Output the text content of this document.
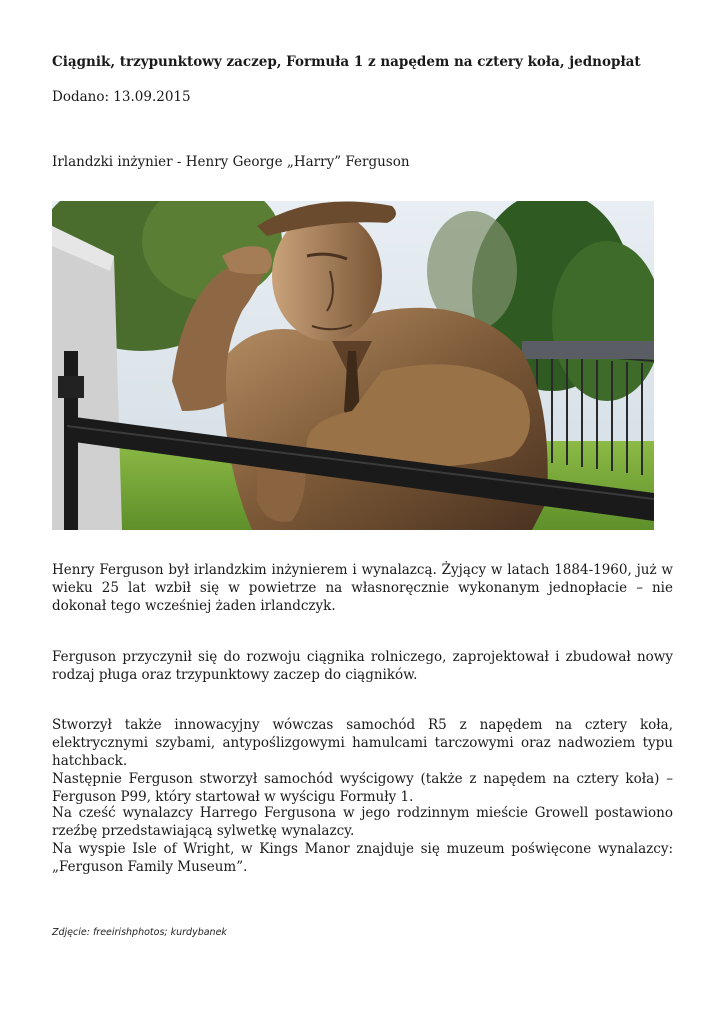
Ciągnik, trzypunktowy zaczep, Formuła 1 z napędem na cztery koła, jednopłat
Dodano: 13.09.2015
Irlandzki inżynier - Henry George „Harry” Ferguson
Henry Ferguson był irlandzkim inżynierem i wynalazcą. Żyjący w latach 1884-1960, już w wieku 25 lat wzbił się w powietrze na własnoręcznie wykonanym jednopłacie – nie dokonał tego wcześniej żaden irlandczyk.
Ferguson przyczynił się do rozwoju ciągnika rolniczego, zaprojektował i zbudował nowy rodzaj pługa oraz trzypunktowy zaczep do ciągników.
Stworzył także innowacyjny wówczas samochód R5 z napędem na cztery koła, elektrycznymi szybami, antypoślizgowymi hamulcami tarczowymi oraz nadwoziem typu hatchback.
Następnie Ferguson stworzył samochód wyścigowy (także z napędem na cztery koła) – Ferguson P99, który startował w wyścigu Formuły 1.
Na cześć wynalazcy Harrego Fergusona w jego rodzinnym mieście Growell postawiono rzeźbę przedstawiającą sylwetkę wynalazcy.
Na wyspie Isle of Wright, w Kings Manor znajduje się muzeum poświęcone wynalazcy: „Ferguson Family Museum”.
Zdjęcie: freeirishphotos; kurdybanek
